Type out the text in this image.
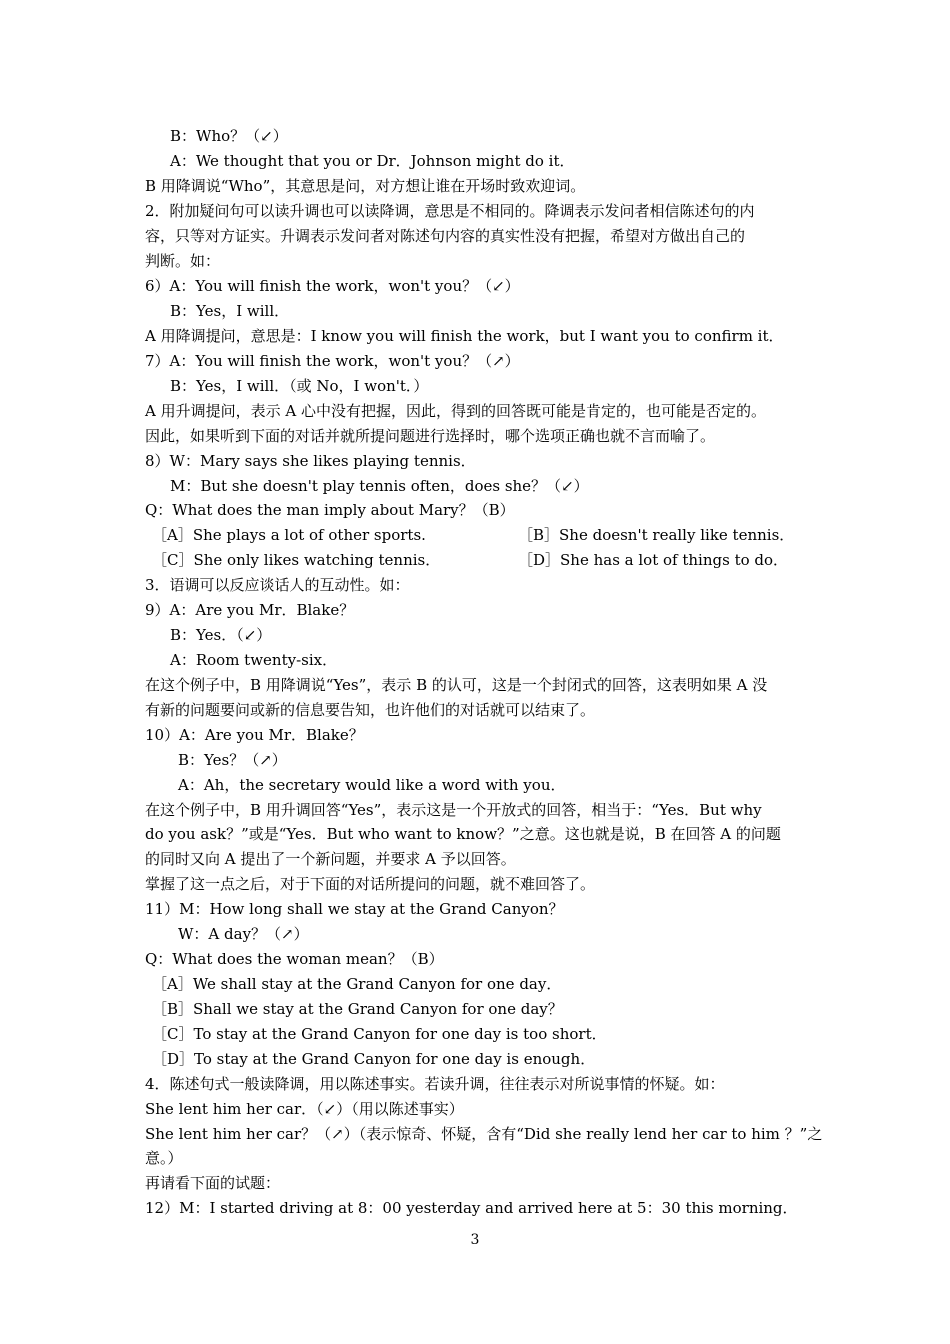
B：Who？（↙）
A：We thought that you or Dr．Johnson might do it．
B 用降调说“Who”，其意思是问，对方想让谁在开场时致欢迎词。
2．附加疑问句可以读升调也可以读降调，意思是不相同的。降调表示发问者相信陈述句的内
容，只等对方证实。升调表示发问者对陈述句内容的真实性没有把握，希望对方做出自己的
判断。如：
6）A：You will finish the work，won't you？（↙）
B：Yes，I will．
A 用降调提问，意思是：I know you will finish the work，but I want you to confirm it．
7）A：You will finish the work，won't you？（↗）
B：Yes，I will．（或 No，I won't．）
A 用升调提问，表示 A 心中没有把握，因此，得到的回答既可能是肯定的，也可能是否定的。
因此，如果听到下面的对话并就所提问题进行选择时，哪个选项正确也就不言而喻了。
8）W：Mary says she likes playing tennis．
M：But she doesn't play tennis often，does she？（↙）
Q：What does the man imply about Mary？（B）
［A］She plays a lot of other sports.	［B］She doesn't really like tennis．
［C］She only likes watching tennis．	［D］She has a lot of things to do．
3．语调可以反应谈话人的互动性。如：
9）A：Are you Mr．Blake？
B：Yes．（↙）
A：Room twenty-six．
在这个例子中，B 用降调说“Yes”，表示 B 的认可，这是一个封闭式的回答，这表明如果 A 没
有新的问题要问或新的信息要告知，也许他们的对话就可以结束了。
10）A：Are you Mr．Blake？
B：Yes？（↗）
A：Ah，the secretary would like a word with you．
在这个例子中，B 用升调回答“Yes”，表示这是一个开放式的回答，相当于：“Yes．But why
do you ask？”或是“Yes．But who want to know？”之意。这也就是说，B 在回答 A 的问题
的同时又向 A 提出了一个新问题，并要求 A 予以回答。
掌握了这一点之后，对于下面的对话所提问的问题，就不难回答了。
11）M：How long shall we stay at the Grand Canyon？
W：A day？（↗）
Q：What does the woman mean？（B）
［A］We shall stay at the Grand Canyon for one day．
［B］Shall we stay at the Grand Canyon for one day？
［C］To stay at the Grand Canyon for one day is too short．
［D］To stay at the Grand Canyon for one day is enough．
4．陈述句式一般读降调，用以陈述事实。若读升调，往往表示对所说事情的怀疑。如：
She lent him her car．（↙）（用以陈述事实）
She lent him her car？（↗）（表示惊奇、怀疑，含有“Did she really lend her car to him ？”之
意。）
再请看下面的试题：
12）M：I started driving at 8：00 yesterday and arrived here at 5：30 this morning．
3
